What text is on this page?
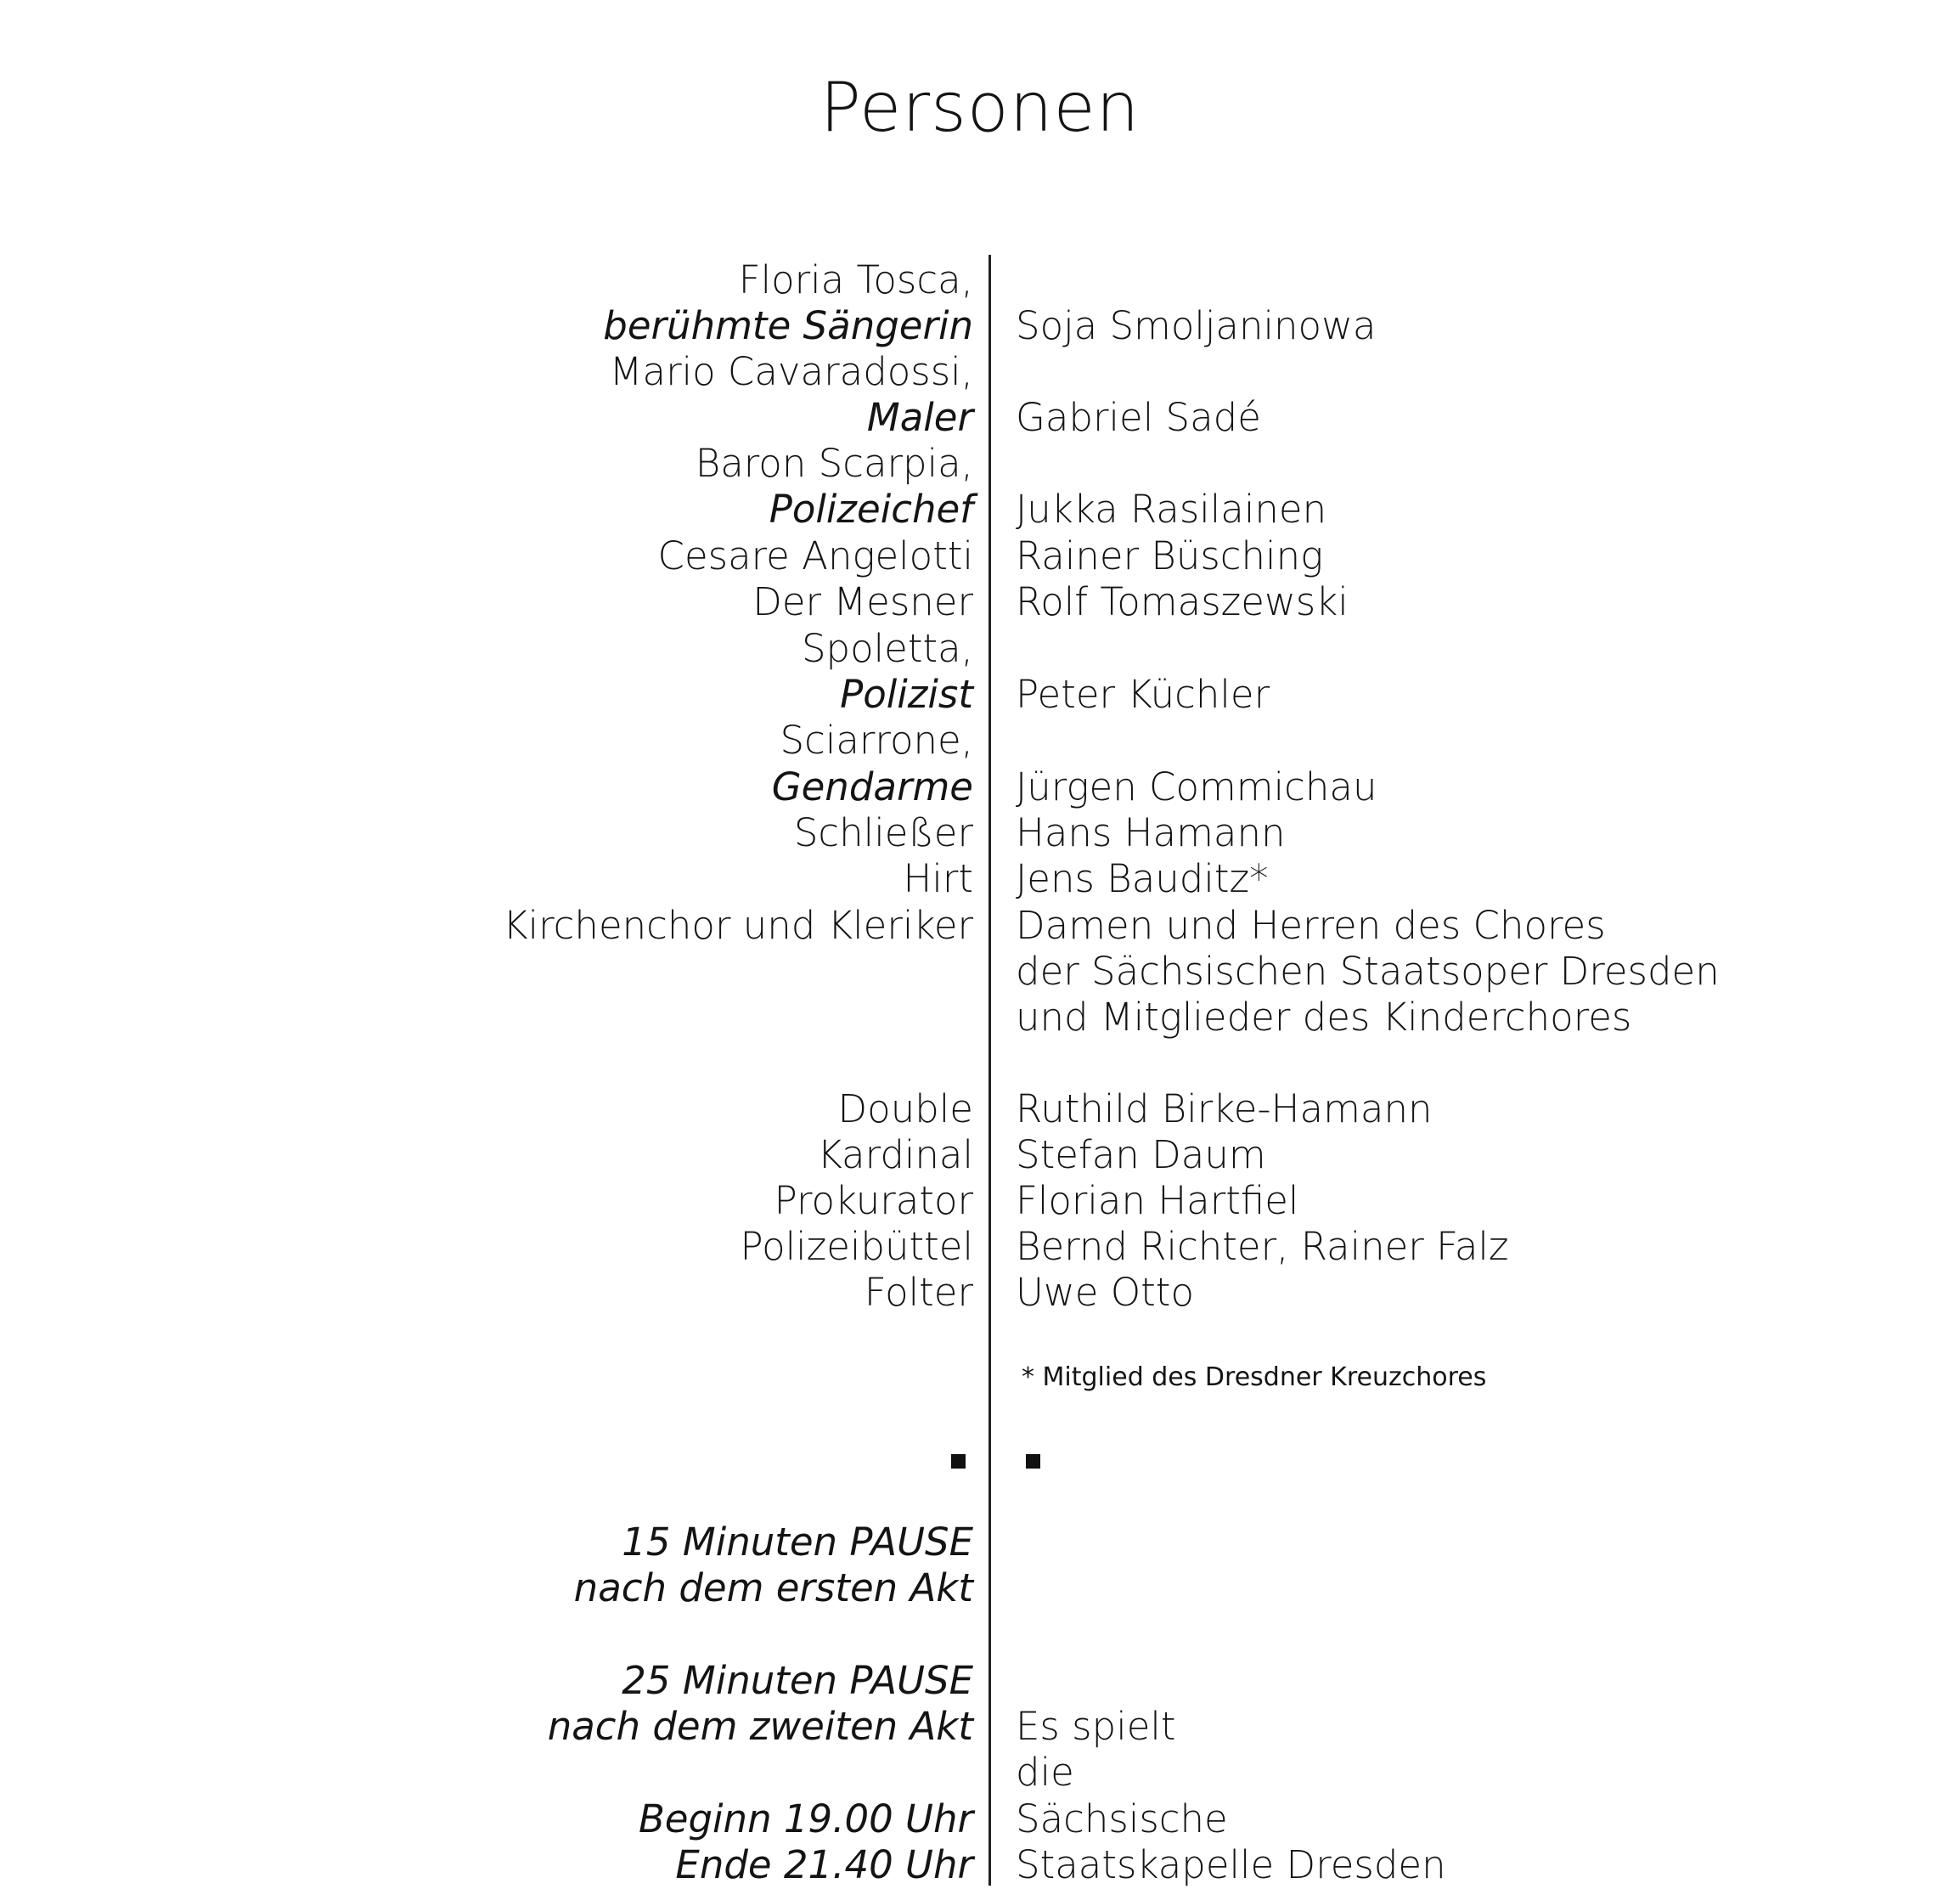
Personen
Floria Tosca,
berühmte Sängerin
Mario Cavaradossi,
Maler
Baron Scarpia,
Polizeichef
Cesare Angelotti
Der Mesner
Spoletta,
Polizist
Sciarrone,
Gendarme
Schließer
Hirt
Kirchenchor und Kleriker
Double
Kardinal
Prokurator
Polizeibüttel
Folter
Soja Smoljaninowa
Gabriel Sadé
Jukka Rasilainen
Rainer Büsching
Rolf Tomaszewski
Peter Küchler
Jürgen Commichau
Hans Hamann
Jens Bauditz*
Damen und Herren des Chores
der Sächsischen Staatsoper Dresden
und Mitglieder des Kinderchores
Ruthild Birke-Hamann
Stefan Daum
Florian Hartfiel
Bernd Richter, Rainer Falz
Uwe Otto
* Mitglied des Dresdner Kreuzchores
15 Minuten PAUSE
nach dem ersten Akt
25 Minuten PAUSE
nach dem zweiten Akt
Beginn 19.00 Uhr
Ende 21.40 Uhr
Es spielt
die
Sächsische
Staatskapelle Dresden
